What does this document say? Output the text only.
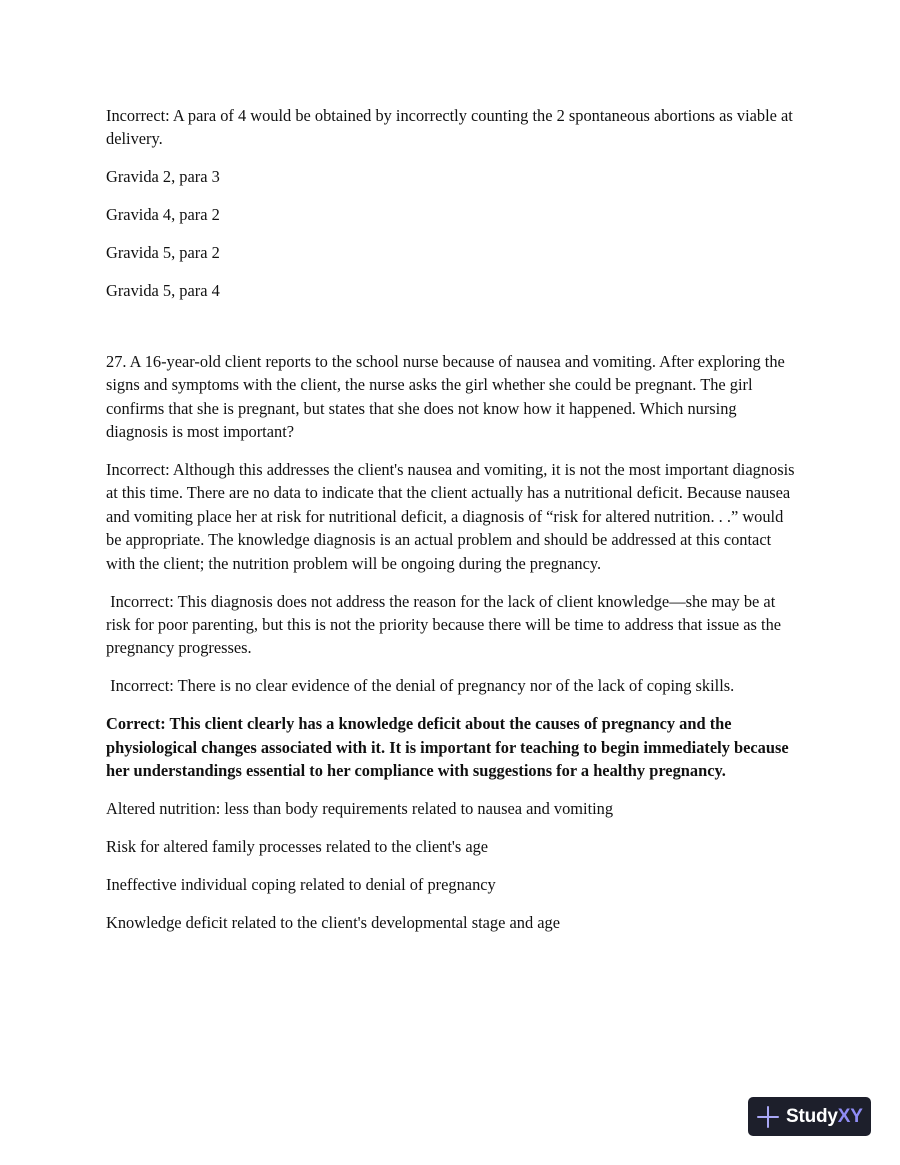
Incorrect: A para of 4 would be obtained by incorrectly counting the 2 spontaneous abortions as viable at delivery.

Gravida 2, para 3

Gravida 4, para 2

Gravida 5, para 2

Gravida 5, para 4

27. A 16-year-old client reports to the school nurse because of nausea and vomiting. After exploring the signs and symptoms with the client, the nurse asks the girl whether she could be pregnant. The girl confirms that she is pregnant, but states that she does not know how it happened. Which nursing diagnosis is most important?

Incorrect: Although this addresses the client's nausea and vomiting, it is not the most important diagnosis at this time. There are no data to indicate that the client actually has a nutritional deficit. Because nausea and vomiting place her at risk for nutritional deficit, a diagnosis of “risk for altered nutrition. . .” would be appropriate. The knowledge diagnosis is an actual problem and should be addressed at this contact with the client; the nutrition problem will be ongoing during the pregnancy.

Incorrect: This diagnosis does not address the reason for the lack of client knowledge—she may be at risk for poor parenting, but this is not the priority because there will be time to address that issue as the pregnancy progresses.

Incorrect: There is no clear evidence of the denial of pregnancy nor of the lack of coping skills.

Correct: This client clearly has a knowledge deficit about the causes of pregnancy and the physiological changes associated with it. It is important for teaching to begin immediately because her understandings essential to her compliance with suggestions for a healthy pregnancy.

Altered nutrition: less than body requirements related to nausea and vomiting

Risk for altered family processes related to the client's age

Ineffective individual coping related to denial of pregnancy

Knowledge deficit related to the client's developmental stage and age

StudyXY
